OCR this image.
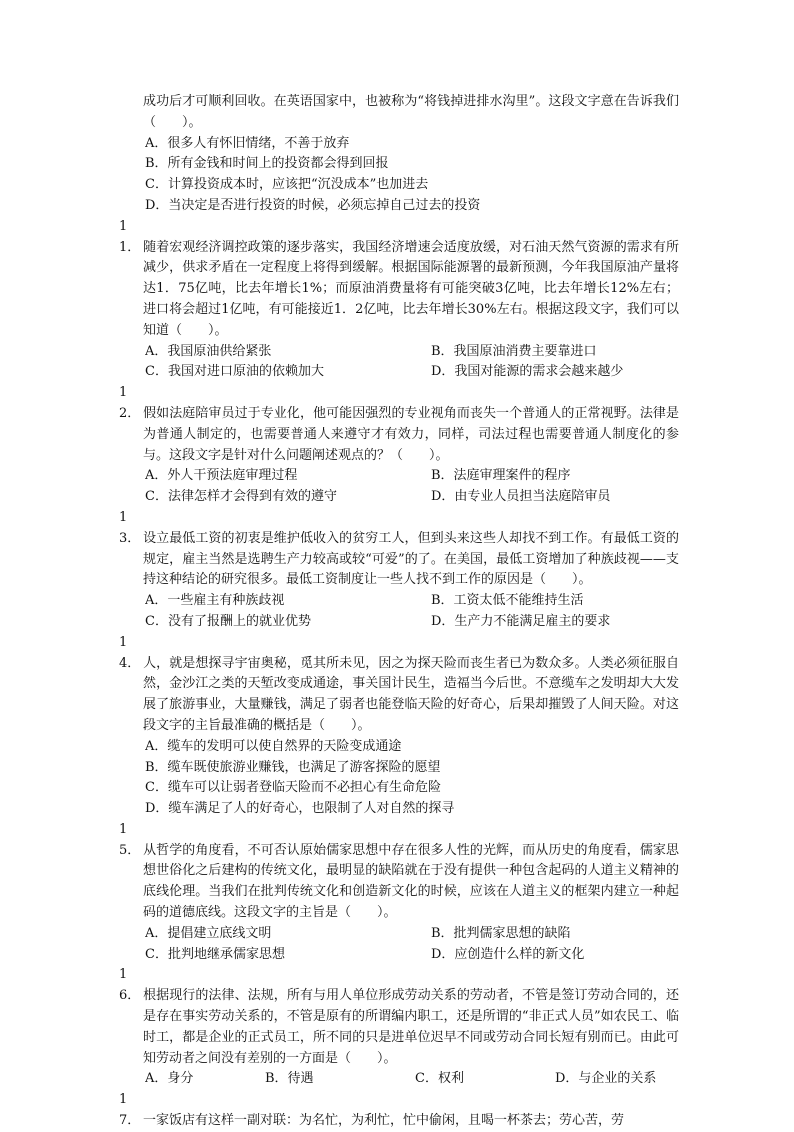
成功后才可顺利回收。在英语国家中，也被称为“将钱掉进排水沟里”。这段文字意在告诉我们（　　）。

A．很多人有怀旧情绪，不善于放弃
B．所有金钱和时间上的投资都会得到回报
C．计算投资成本时，应该把“沉没成本”也加进去
D．当决定是否进行投资的时候，必须忘掉自己过去的投资

11． 随着宏观经济调控政策的逐步落实，我国经济增速会适度放缓，对石油天然气资源的需求有所减少，供求矛盾在一定程度上将得到缓解。根据国际能源署的最新预测，今年我国原油产量将达1．75亿吨，比去年增长1%；而原油消费量将有可能突破3亿吨，比去年增长12%左右；进口将会超过1亿吨，有可能接近1．2亿吨，比去年增长30%左右。根据这段文字，我们可以知道（　　）。

A．我国原油供给紧张	B．我国原油消费主要靠进口
C．我国对进口原油的依赖加大	D．我国对能源的需求会越来越少

12． 假如法庭陪审员过于专业化，他可能因强烈的专业视角而丧失一个普通人的正常视野。法律是为普通人制定的，也需要普通人来遵守才有效力，同样，司法过程也需要普通人制度化的参与。这段文字是针对什么问题阐述观点的？（　　）。

A．外人干预法庭审理过程	B．法庭审理案件的程序
C．法律怎样才会得到有效的遵守	D．由专业人员担当法庭陪审员

13． 设立最低工资的初衷是维护低收入的贫穷工人，但到头来这些人却找不到工作。有最低工资的规定，雇主当然是选聘生产力较高或较“可爱”的了。在美国，最低工资增加了种族歧视——支持这种结论的研究很多。最低工资制度让一些人找不到工作的原因是（　　）。

A．一些雇主有种族歧视	B．工资太低不能维持生活
C．没有了报酬上的就业优势	D．生产力不能满足雇主的要求

14． 人，就是想探寻宇宙奥秘，觅其所未见，因之为探天险而丧生者已为数众多。人类必须征服自然，金沙江之类的天堑改变成通途，事关国计民生，造福当今后世。不意缆车之发明却大大发展了旅游事业，大量赚钱，满足了弱者也能登临天险的好奇心，后果却摧毁了人间天险。对这段文字的主旨最准确的概括是（　　）。

A．缆车的发明可以使自然界的天险变成通途
B．缆车既使旅游业赚钱，也满足了游客探险的愿望
C．缆车可以让弱者登临天险而不必担心有生命危险
D．缆车满足了人的好奇心，也限制了人对自然的探寻

15． 从哲学的角度看，不可否认原始儒家思想中存在很多人性的光辉，而从历史的角度看，儒家思想世俗化之后建构的传统文化，最明显的缺陷就在于没有提供一种包含起码的人道主义精神的底线伦理。当我们在批判传统文化和创造新文化的时候，应该在人道主义的框架内建立一种起码的道德底线。这段文字的主旨是（　　）。

A．提倡建立底线文明	B．批判儒家思想的缺陷
C．批判地继承儒家思想	D．应创造什么样的新文化

16． 根据现行的法律、法规，所有与用人单位形成劳动关系的劳动者，不管是签订劳动合同的，还是存在事实劳动关系的，不管是原有的所谓编内职工，还是所谓的“非正式人员”如农民工、临时工，都是企业的正式员工，所不同的只是进单位迟早不同或劳动合同长短有别而已。由此可知劳动者之间没有差别的一方面是（　　）。

A．身分	B．待遇	C．权利	D．与企业的关系

17． 一家饭店有这样一副对联：为名忙，为利忙，忙中偷闲，且喝一杯茶去；劳心苦，劳
